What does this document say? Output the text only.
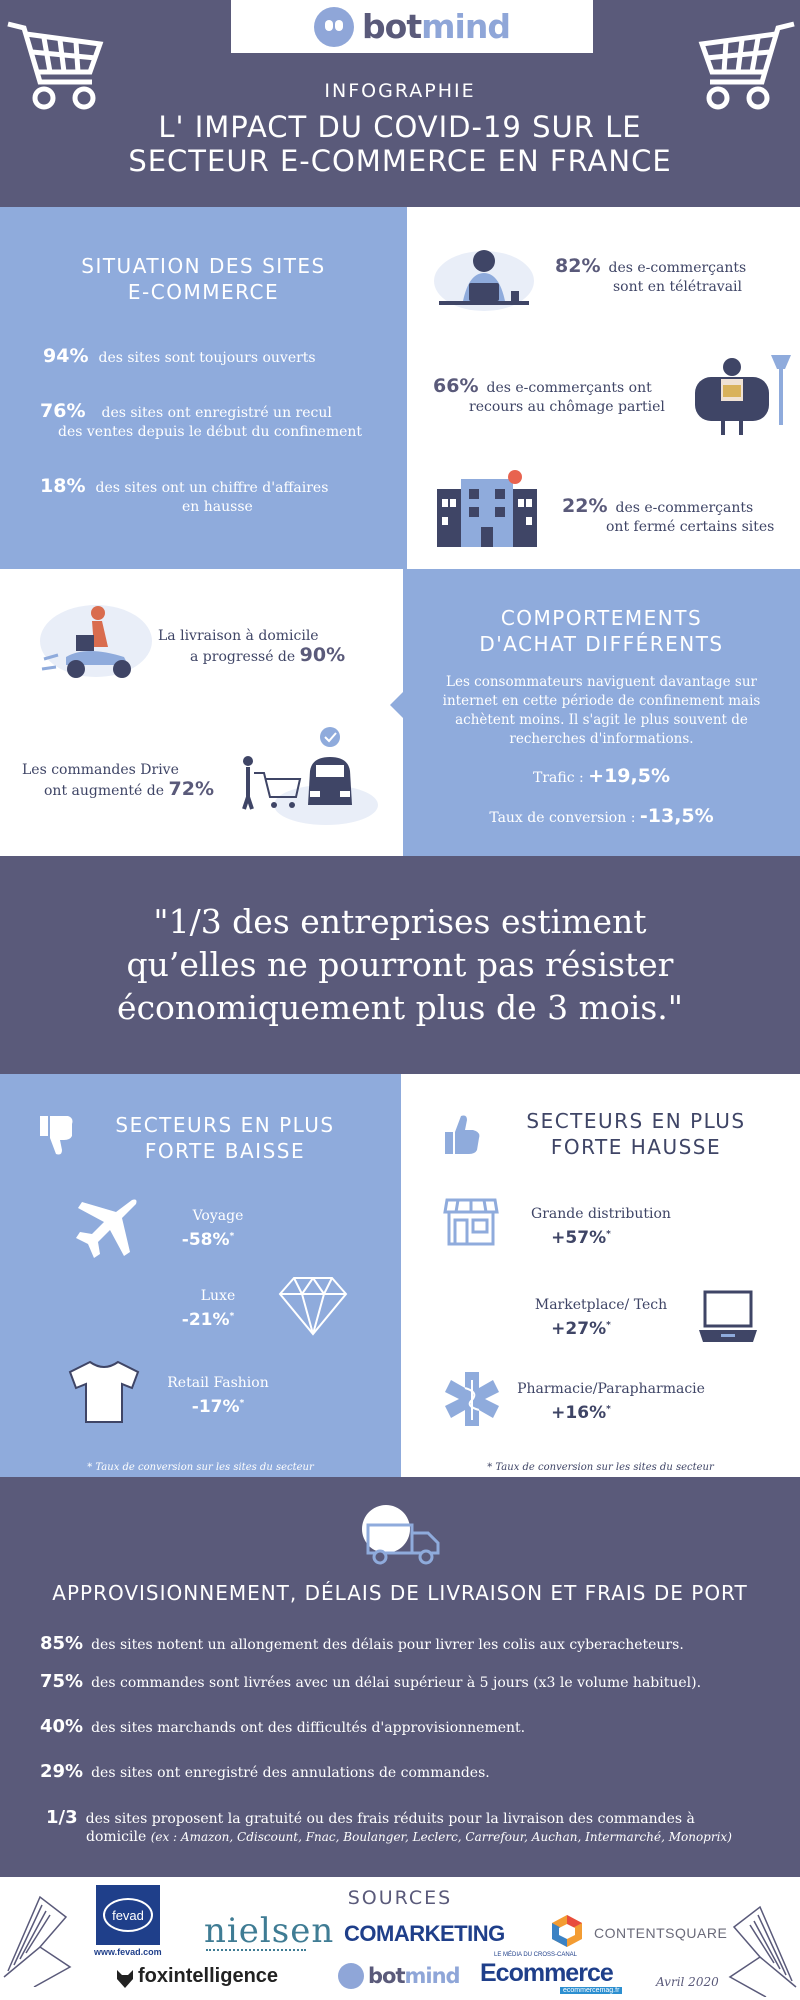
botmind
INFOGRAPHIE
L' IMPACT DU COVID-19 SUR LE
SECTEUR E-COMMERCE EN FRANCE
SITUATION DES SITES
E-COMMERCE
94% des sites sont toujours ouverts
76% des sites ont enregistré un recul
des ventes depuis le début du confinement
18% des sites ont un chiffre d'affaires
en hausse
82% des e-commerçants
sont en télétravail
66% des e-commerçants ont
recours au chômage partiel
22% des e-commerçants
ont fermé certains sites
La livraison à domicile
a progressé de 90%
Les commandes Drive
ont augmenté de 72%
COMPORTEMENTS
D'ACHAT DIFFÉRENTS
Les consommateurs naviguent davantage sur
internet en cette période de confinement mais
achètent moins. Il s'agit le plus souvent de
recherches d'informations.
Trafic : +19,5%
Taux de conversion : -13,5%
"1/3 des entreprises estiment
qu’elles ne pourront pas résister
économiquement plus de 3 mois."
SECTEURS EN PLUS
FORTE BAISSE
Voyage
-58%*
Luxe
-21%*
Retail Fashion
-17%*
* Taux de conversion sur les sites du secteur
SECTEURS EN PLUS
FORTE HAUSSE
Grande distribution
+57%*
Marketplace/ Tech
+27%*
Pharmacie/Parapharmacie
+16%*
* Taux de conversion sur les sites du secteur
APPROVISIONNEMENT, DÉLAIS DE LIVRAISON ET FRAIS DE PORT
85% des sites notent un allongement des délais pour livrer les colis aux cyberacheteurs.
75% des commandes sont livrées avec un délai supérieur à 5 jours (x3 le volume habituel).
40% des sites marchands ont des difficultés d'approvisionnement.
29% des sites ont enregistré des annulations de commandes.
1/3 des sites proposent la gratuité ou des frais réduits pour la livraison des commandes à
domicile (ex : Amazon, Cdiscount, Fnac, Boulanger, Leclerc, Carrefour, Auchan, Intermarché, Monoprix)
SOURCES
fevad
www.fevad.com
nielsen COMARKETING	CONTENTSQUARE
foxintelligence	botmind
LE MÉDIA DU CROSS-CANAL
Ecommerce
ecommercemag.fr
Avril 2020
